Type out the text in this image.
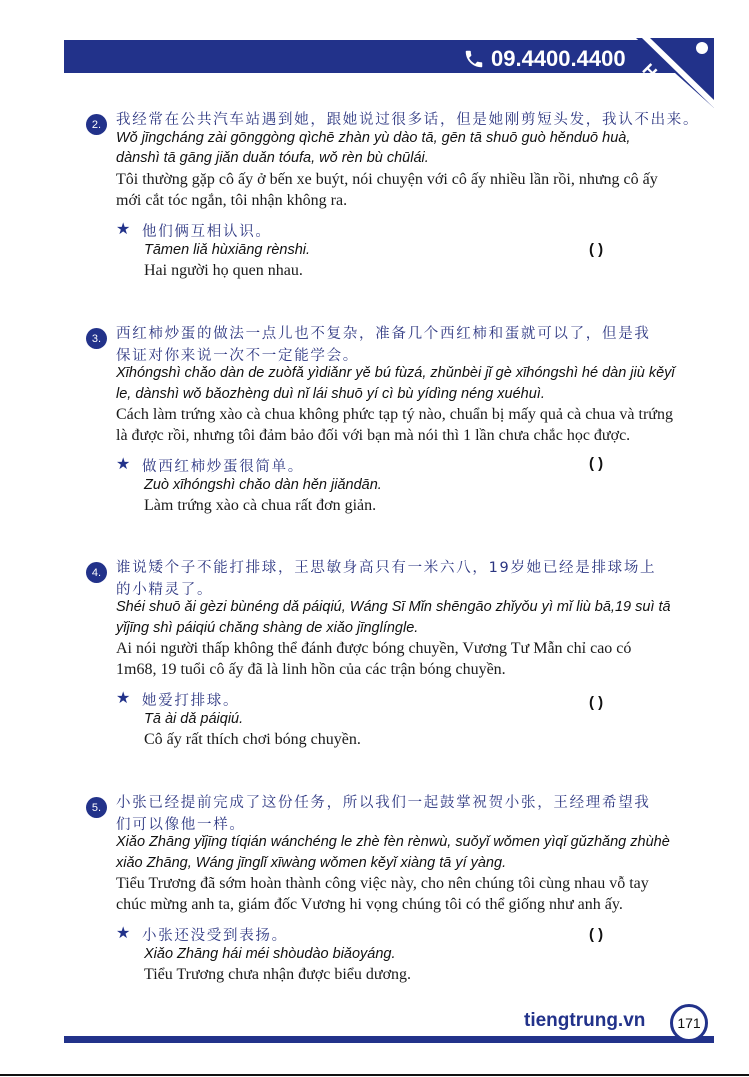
09.4400.4400
HSK
2.	我经常在公共汽车站遇到她，跟她说过很多话，但是她刚剪短头发，我认不出来。
Wǒ jīngcháng zài gōnggòng qìchē zhàn yù dào tā, gēn tā shuō guò hěnduō huà,
dànshì tā gāng jiǎn duǎn tóufa, wǒ rèn bù chūlái.
Tôi thường gặp cô ấy ở bến xe buýt, nói chuyện với cô ấy nhiều lần rồi, nhưng cô ấy
mới cắt tóc ngắn, tôi nhận không ra.
★ 他们俩互相认识。
Tāmen liǎ hùxiāng rènshi.
Hai người họ quen nhau.
( )
3.	西红柿炒蛋的做法一点儿也不复杂，准备几个西红柿和蛋就可以了，但是我
保证对你来说一次不一定能学会。
Xīhóngshì chǎo dàn de zuòfǎ yìdiǎnr yě bú fùzá, zhǔnbèi jǐ gè xīhóngshì hé dàn jiù kěyǐ
le, dànshì wǒ bǎozhèng duì nǐ lái shuō yí cì bù yídìng néng xuéhuì.
Cách làm trứng xào cà chua không phức tạp tý nào, chuẩn bị mấy quả cà chua và trứng
là được rồi, nhưng tôi đảm bảo đối với bạn mà nói thì 1 lần chưa chắc học được.
★ 做西红柿炒蛋很简单。	( )
Zuò xīhóngshì chǎo dàn hěn jiǎndān.
Làm trứng xào cà chua rất đơn giản.
4.	谁说矮个子不能打排球，王思敏身高只有一米六八，19岁她已经是排球场上
的小精灵了。
Shéi shuō ǎi gèzi bùnéng dǎ páiqiú, Wáng Sī Mǐn shēngāo zhǐyǒu yì mǐ liù bā,19 suì tā
yǐjīng shì páiqiú chǎng shàng de xiǎo jīnglíngle.
Ai nói người thấp không thể đánh được bóng chuyền, Vương Tư Mẫn chỉ cao có
1m68, 19 tuổi cô ấy đã là linh hồn của các trận bóng chuyền.
★ 她爱打排球。	( )
Tā ài dǎ páiqiú.
Cô ấy rất thích chơi bóng chuyền.
5.	小张已经提前完成了这份任务，所以我们一起鼓掌祝贺小张，王经理希望我
们可以像他一样。
Xiǎo Zhāng yǐjīng tíqián wánchéng le zhè fèn rènwù, suǒyǐ wǒmen yìqǐ gǔzhǎng zhùhè
xiǎo Zhāng, Wáng jīnglǐ xīwàng wǒmen kěyǐ xiàng tā yí yàng.
Tiểu Trương đã sớm hoàn thành công việc này, cho nên chúng tôi cùng nhau vỗ tay
chúc mừng anh ta, giám đốc Vương hi vọng chúng tôi có thể giống như anh ấy.
★ 小张还没受到表扬。	( )
Xiǎo Zhāng hái méi shòudào biǎoyáng.
Tiểu Trương chưa nhận được biểu dương.
tiengtrung.vn	171
